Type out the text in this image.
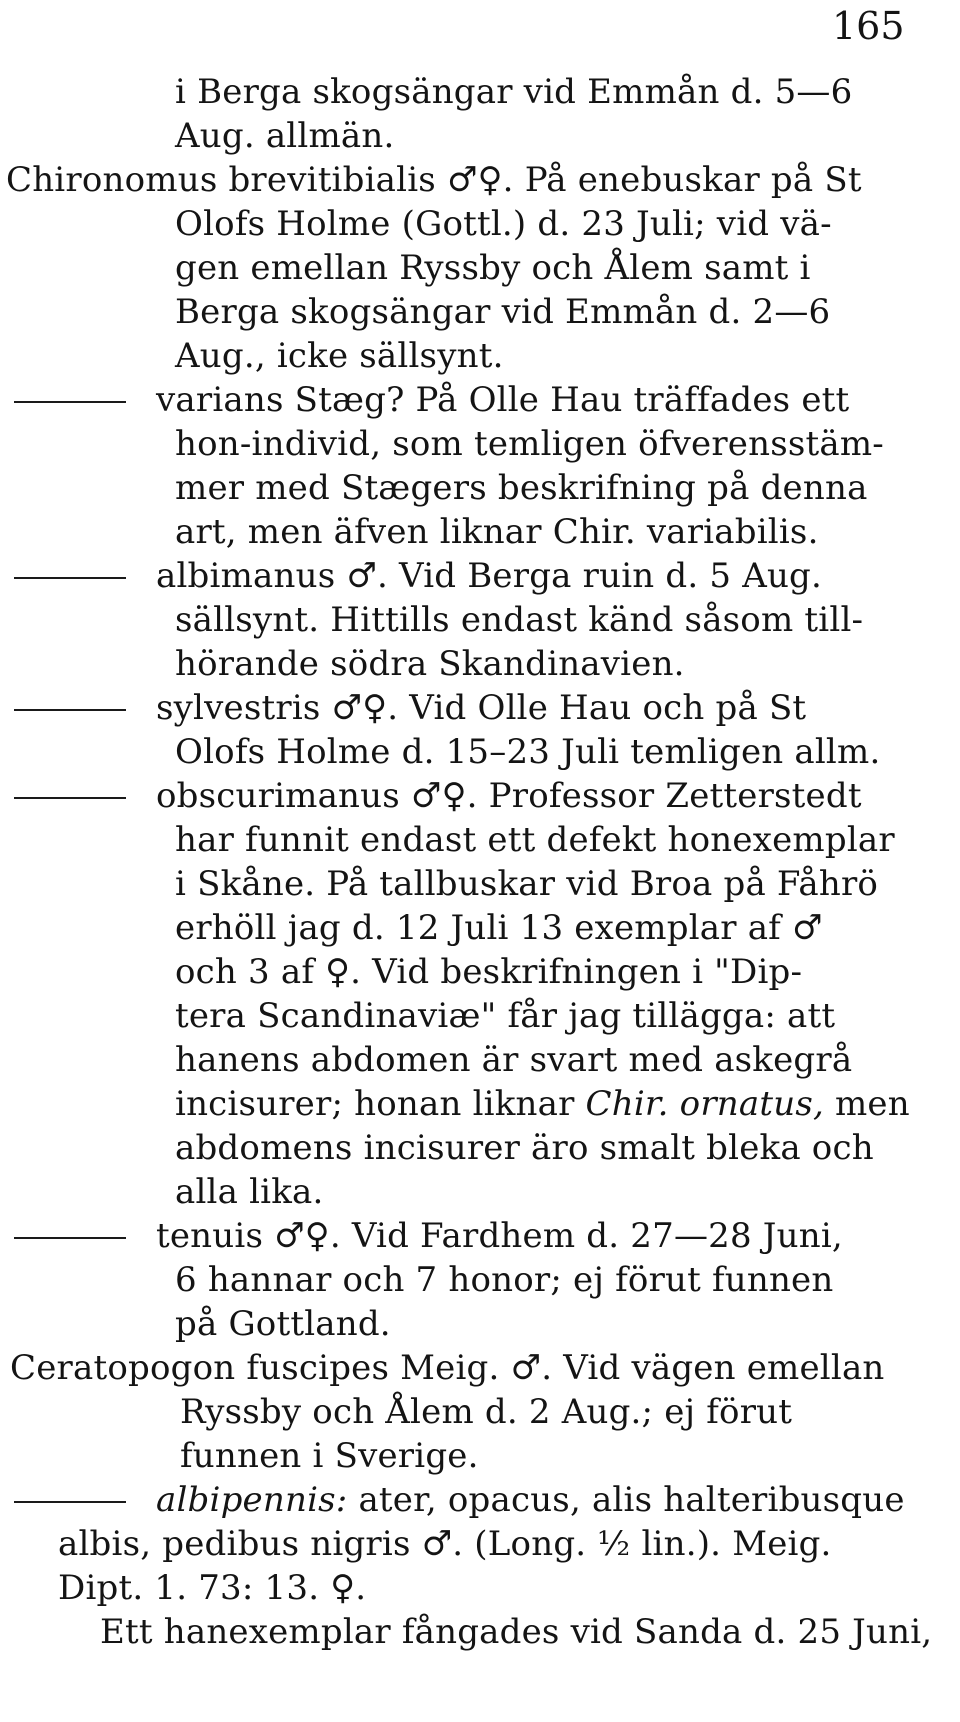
165
i Berga skogsängar vid Emmån d. 5—6
Aug. allmän.
Chironomus brevitibialis ♂♀. På enebuskar på St
Olofs Holme (Gottl.) d. 23 Juli; vid vä-
gen emellan Ryssby och Ålem samt i
Berga skogsängar vid Emmån d. 2—6
Aug., icke sällsynt.
varians Stæg? På Olle Hau träffades ett
hon-individ, som temligen öfverensstäm-
mer med Stægers beskrifning på denna
art, men äfven liknar Chir. variabilis.
albimanus ♂. Vid Berga ruin d. 5 Aug.
sällsynt. Hittills endast känd såsom till-
hörande södra Skandinavien.
sylvestris ♂♀. Vid Olle Hau och på St
Olofs Holme d. 15–23 Juli temligen allm.
obscurimanus ♂♀. Professor Zetterstedt
har funnit endast ett defekt honexemplar
i Skåne. På tallbuskar vid Broa på Fåhrö
erhöll jag d. 12 Juli 13 exemplar af ♂
och 3 af ♀. Vid beskrifningen i "Dip-
tera Scandinaviæ" får jag tillägga: att
hanens abdomen är svart med askegrå
incisurer; honan liknar Chir. ornatus, men
abdomens incisurer äro smalt bleka och
alla lika.
tenuis ♂♀. Vid Fardhem d. 27—28 Juni,
6 hannar och 7 honor; ej förut funnen
på Gottland.
Ceratopogon fuscipes Meig. ♂. Vid vägen emellan
Ryssby och Ålem d. 2 Aug.; ej förut
funnen i Sverige.
albipennis: ater, opacus, alis halteribusque
albis, pedibus nigris ♂. (Long. ½ lin.). Meig.
Dipt. 1. 73: 13. ♀.
Ett hanexemplar fångades vid Sanda d. 25 Juni,
